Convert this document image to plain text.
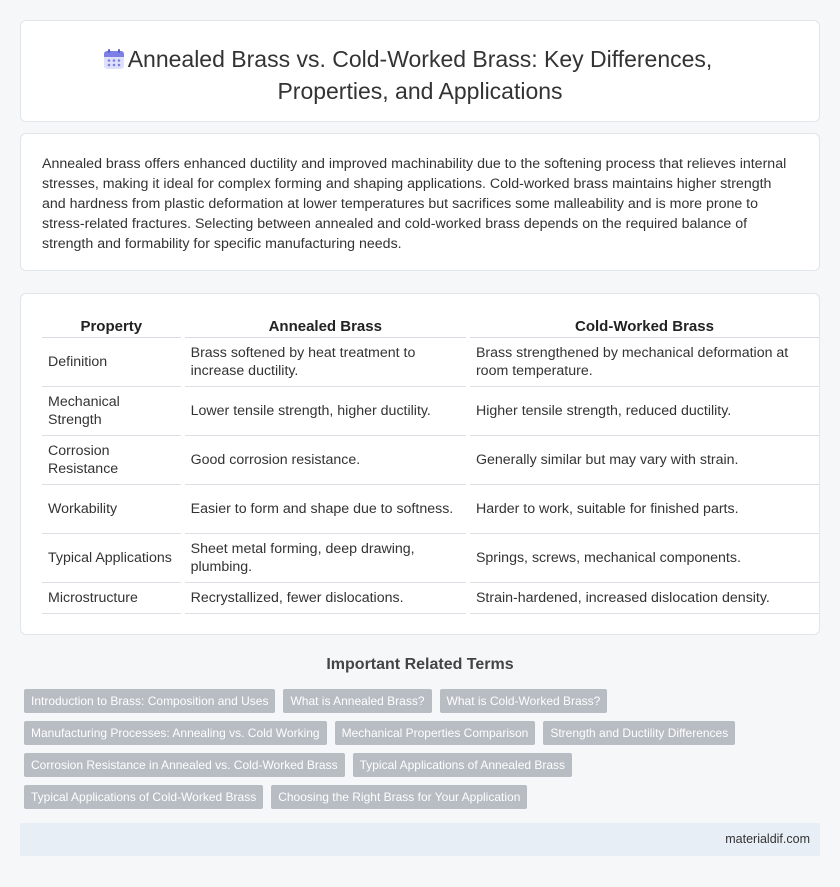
Annealed Brass vs. Cold-Worked Brass: Key Differences,
Properties, and Applications

Annealed brass offers enhanced ductility and improved machinability due to the softening process that relieves internal stresses, making it ideal for complex forming and shaping applications. Cold-worked brass maintains higher strength and hardness from plastic deformation at lower temperatures but sacrifices some malleability and is more prone to stress-related fractures. Selecting between annealed and cold-worked brass depends on the required balance of strength and formability for specific manufacturing needs.

Property	Annealed Brass	Cold-Worked Brass
Definition	Brass softened by heat treatment to increase ductility.	Brass strengthened by mechanical deformation at room temperature.
Mechanical Strength	Lower tensile strength, higher ductility.	Higher tensile strength, reduced ductility.
Corrosion Resistance	Good corrosion resistance.	Generally similar but may vary with strain.
Workability	Easier to form and shape due to softness.	Harder to work, suitable for finished parts.
Typical Applications	Sheet metal forming, deep drawing, plumbing.	Springs, screws, mechanical components.
Microstructure	Recrystallized, fewer dislocations.	Strain-hardened, increased dislocation density.
Important Related Terms
Introduction to Brass: Composition and Uses	What is Annealed Brass?	What is Cold-Worked Brass?
Manufacturing Processes: Annealing vs. Cold Working	Mechanical Properties Comparison	Strength and Ductility Differences
Corrosion Resistance in Annealed vs. Cold-Worked Brass	Typical Applications of Annealed Brass
Typical Applications of Cold-Worked Brass	Choosing the Right Brass for Your Application
materialdif.com
